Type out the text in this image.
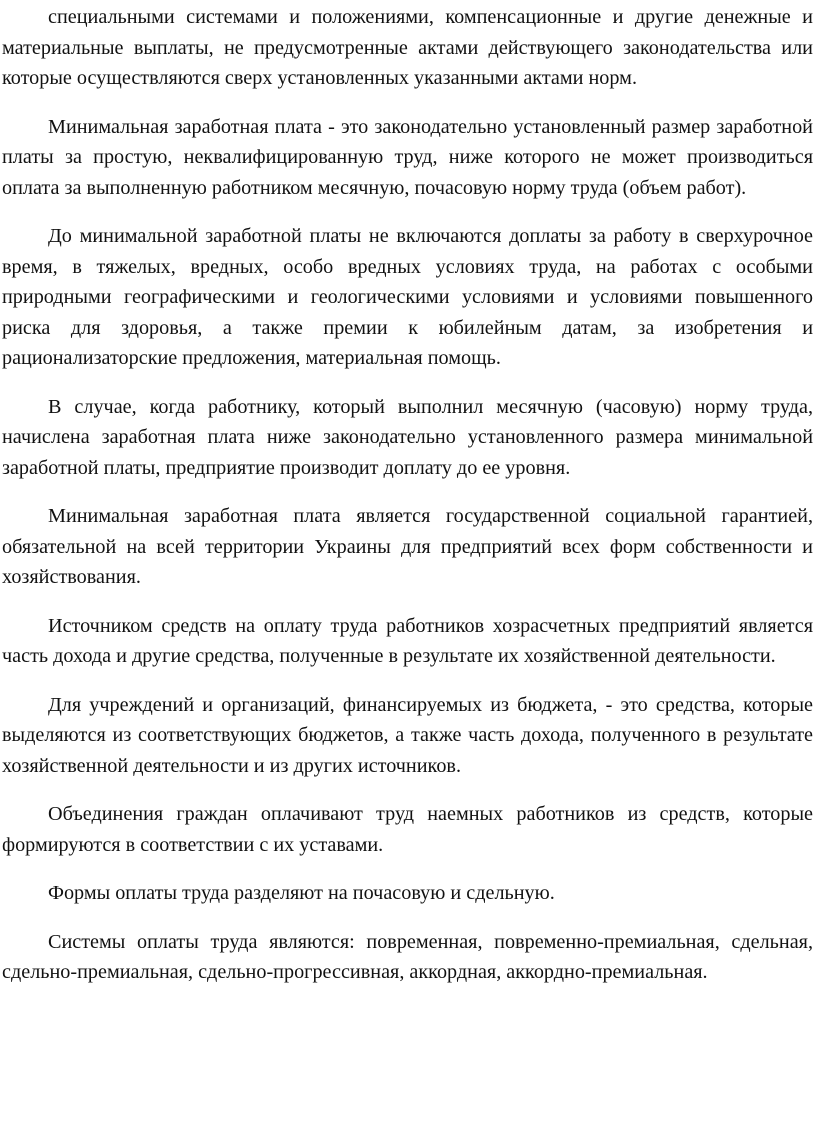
специальными системами и положениями, компенсационные и другие денежные и материальные выплаты, не предусмотренные актами действующего законодательства или которые осуществляются сверх установленных указанными актами норм.

Минимальная заработная плата - это законодательно установленный размер заработной платы за простую, неквалифицированную труд, ниже которого не может производиться оплата за выполненную работником месячную, почасовую норму труда (объем работ).

До минимальной заработной платы не включаются доплаты за работу в сверхурочное время, в тяжелых, вредных, особо вредных условиях труда, на работах с особыми природными географическими и геологическими условиями и условиями повышенного риска для здоровья, а также премии к юбилейным датам, за изобретения и рационализаторские предложения, материальная помощь.

В случае, когда работнику, который выполнил месячную (часовую) норму труда, начислена заработная плата ниже законодательно установленного размера минимальной заработной платы, предприятие производит доплату до ее уровня.

Минимальная заработная плата является государственной социальной гарантией, обязательной на всей территории Украины для предприятий всех форм собственности и хозяйствования.

Источником средств на оплату труда работников хозрасчетных предприятий является часть дохода и другие средства, полученные в результате их хозяйственной деятельности.

Для учреждений и организаций, финансируемых из бюджета, - это средства, которые выделяются из соответствующих бюджетов, а также часть дохода, полученного в результате хозяйственной деятельности и из других источников.

Объединения граждан оплачивают труд наемных работников из средств, которые формируются в соответствии с их уставами.

Формы оплаты труда разделяют на почасовую и сдельную.

Системы оплаты труда являются: повременная, повременно-премиальная, сдельная, сдельно-премиальная, сдельно-прогрессивная, аккордная, аккордно-премиальная.
